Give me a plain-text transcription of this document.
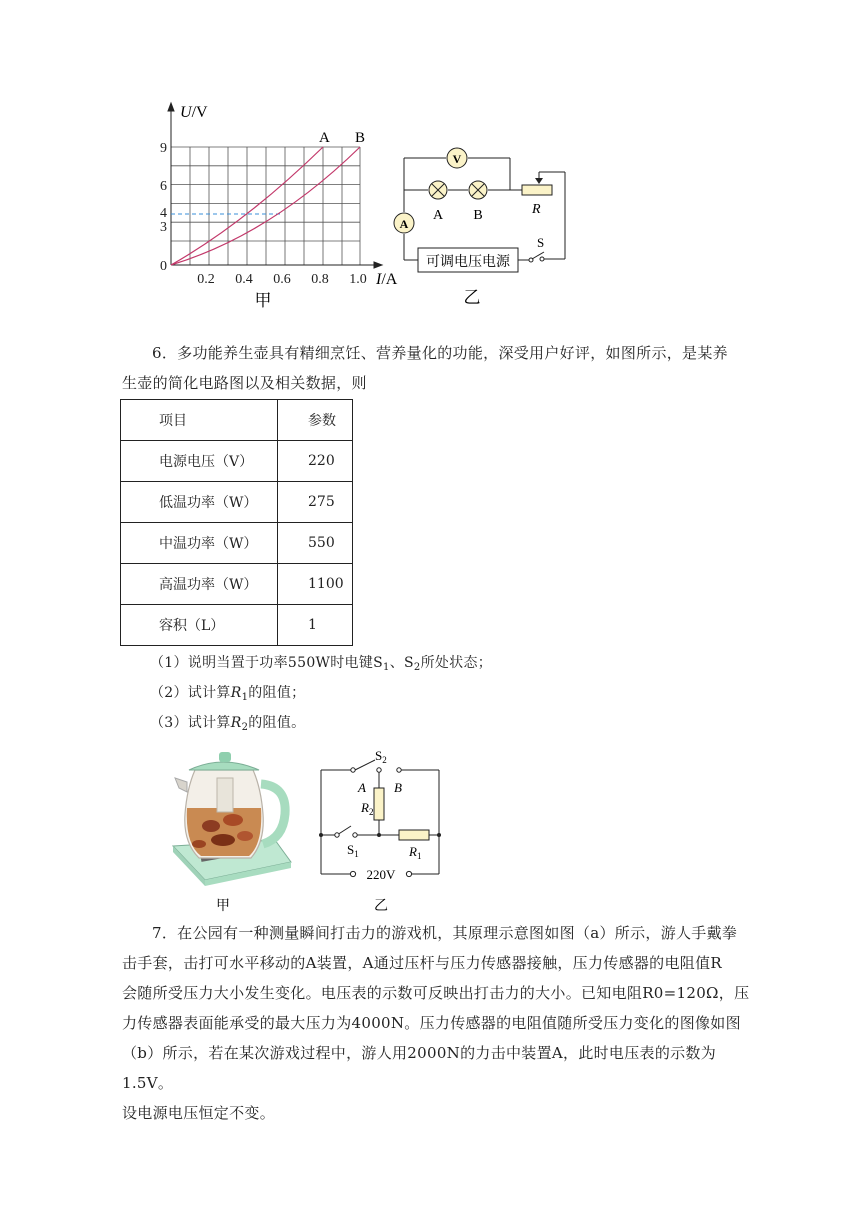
U/V
I/A
9
6
4
3
0
0.2 0.4 0.6 0.8 1.0
A B
甲
V
A B	R
A
可调电压电源
S
乙
6．多功能养生壶具有精细烹饪、营养量化的功能，深受用户好评，如图所示，是某养生壶的简化电路图以及相关数据，则
项目	参数
电源电压（V）	220
低温功率（W）	275
中温功率（W）	550
高温功率（W）	1100
容积（L）	1
（1）说明当置于功率550W时电键$S_1$、$S_2$所处状态；
（2）试计算$R_1$的阻值；
（3）试计算$R_2$的阻值。
甲
$S_2$
A B
$R_2$
$S_1$	$R_1$
220V
乙
7．在公园有一种测量瞬间打击力的游戏机，其原理示意图如图（a）所示，游人手戴拳
击手套，击打可水平移动的A装置，A通过压杆与压力传感器接触，压力传感器的电阻值R
会随所受压力大小发生变化。电压表的示数可反映出打击力的大小。已知电阻R0=120Ω，压
力传感器表面能承受的最大压力为4000N。压力传感器的电阻值随所受压力变化的图像如图
（b）所示，若在某次游戏过程中，游人用2000N的力击中装置A，此时电压表的示数为1.5V。
设电源电压恒定不变。
